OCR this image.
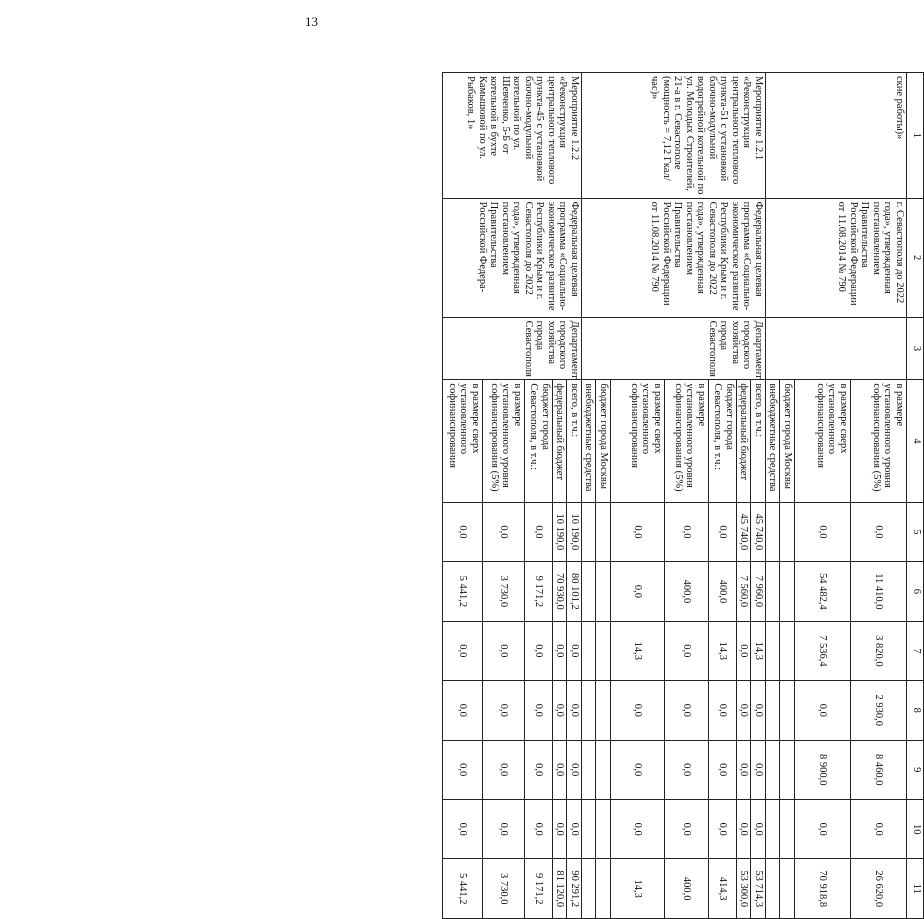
13
1	2	3	4	5	6	7	8	9	10	11
ские работы)»	г. Севастополя до 2022 года», утвержденная постановлением Правительства Российской Федерации от 11.08.2014 № 790		в размере установленного уровня софинансирования (5%)	0,0	11 410,0	3 820,0	2 930,0	8 460,0	0,0	26 620,0
			в размере сверх установленного софинансирования	0,0	54 482,4	7 536,4	0,0	8 900,0	0,0	70 918,8
			бюджет города Москвы							
			внебюджетные средства							
Мероприятие 1.2.1 «Реконструкция центрального теплового пункта-51 с установкой блочно-модульной водогрейной котельной по ул. Молодых Строителей, 21-а в г. Севастополе (мощность = 7,12 Гкал/час)»	Федеральная целевая программа «Социально-экономическое развитие Республики Крым и г. Севастополя до 2022 года», утвержденная постановлением Правительства Российской Федерации от 11.08.2014 № 790	Департамент городского хозяйства города Севастополя	всего, в т.ч.:	45 740,0	7 960,0	14,3	0,0	0,0	0,0	53 714,3
			федеральный бюджет	45 740,0	7 560,0	0,0	0,0	0,0	0,0	53 300,0
			бюджет города Севастополя, в т.ч.:	0,0	400,0	14,3	0,0	0,0	0,0	414,3
			в размере установленного уровня софинансирования (5%)	0,0	400,0	0,0	0,0	0,0	0,0	400,0
			в размере сверх установленного софинансирования	0,0	0,0	14,3	0,0	0,0	0,0	14,3
			бюджет города Москвы							
			внебюджетные средства							
Мероприятие 1.2.2 «Реконструкция центрального теплового пункта-45 с установкой блочно-модульной котельной по ул. Шевченко, 5-Б от котельной в бухте Камышовой по ул. Рыбаков, 1»	Федеральная целевая программа «Социально-экономическое развитие Республики Крым и г. Севастополя до 2022 года», утвержденная постановлением Правительства Российской Федера-	Департамент городского хозяйства города Севастополя	всего, в т.ч.:	10 190,0	80 101,2	0,0	0,0	0,0	0,0	90 291,2
			федеральный бюджет	10 190,0	70 930,0	0,0	0,0	0,0	0,0	81 120,0
			бюджет города Севастополя, в т.ч.:	0,0	9 171,2	0,0	0,0	0,0	0,0	9 171,2
			в размере установленного уровня софинансирования (5%)	0,0	3 730,0	0,0	0,0	0,0	0,0	3 730,0
			в размере сверх установленного софинансирования	0,0	5 441,2	0,0	0,0	0,0	0,0	5 441,2
